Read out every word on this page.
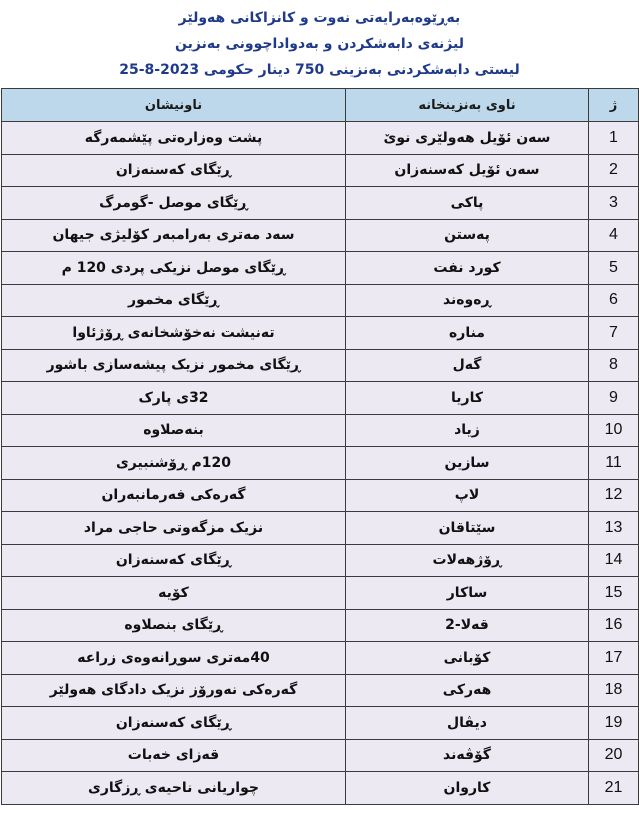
بەڕێوەبەرایەتی نەوت و کانزاکانی هەولێر
لیژنەی دابەشکردن و بەدواداچوونی بەنزین
لیستی دابەشکردنی بەنزینی 750 دینار حكومی 2023-8-25
ژ	ناوی بەنزینخانە	ناونیشان
1	سەن ئۆیل هەولێری نوێ	پشت وەزارەتی پێشمەرگە
2	سەن ئۆیل کەسنەزان	ڕێگای کەسنەزان
3	پاکی	ڕێگای موصل -گومرگ
4	پەستن	سەد مەتری بەرامبەر کۆلیژی جیهان
5	کورد نفت	ڕێگای موصل نزیکی پردی 120 م
6	ڕەوەند	ڕێگای مخمور
7	منارە	تەنیشت نەخۆشخانەی ڕۆژئاوا
8	گەل	ڕێگای مخمور نزیک پیشەسازی باشور
9	کاریا	32ی پارک
10	زیاد	بنەصلاوە
11	سازین	120م ڕۆشنبیری
12	لاپ	گەرەکی فەرمانبەران
13	سێتاقان	نزیک مزگەوتی حاجی مراد
14	ڕۆژهەلات	ڕێگای کەسنەزان
15	ساکار	کۆیە
16	قەلا-2	ڕێگای بنصلاوە
17	کۆبانی	40مەتری سوڕانەوەی زراعە
18	هەرکی	گەرەکی نەورۆز نزیک دادگای هەولێر
19	دیڤال	ڕێگای کەسنەزان
20	گۆڤەند	قەزای خەبات
21	کاروان	چواریانی ناحیەی ڕزگاری
